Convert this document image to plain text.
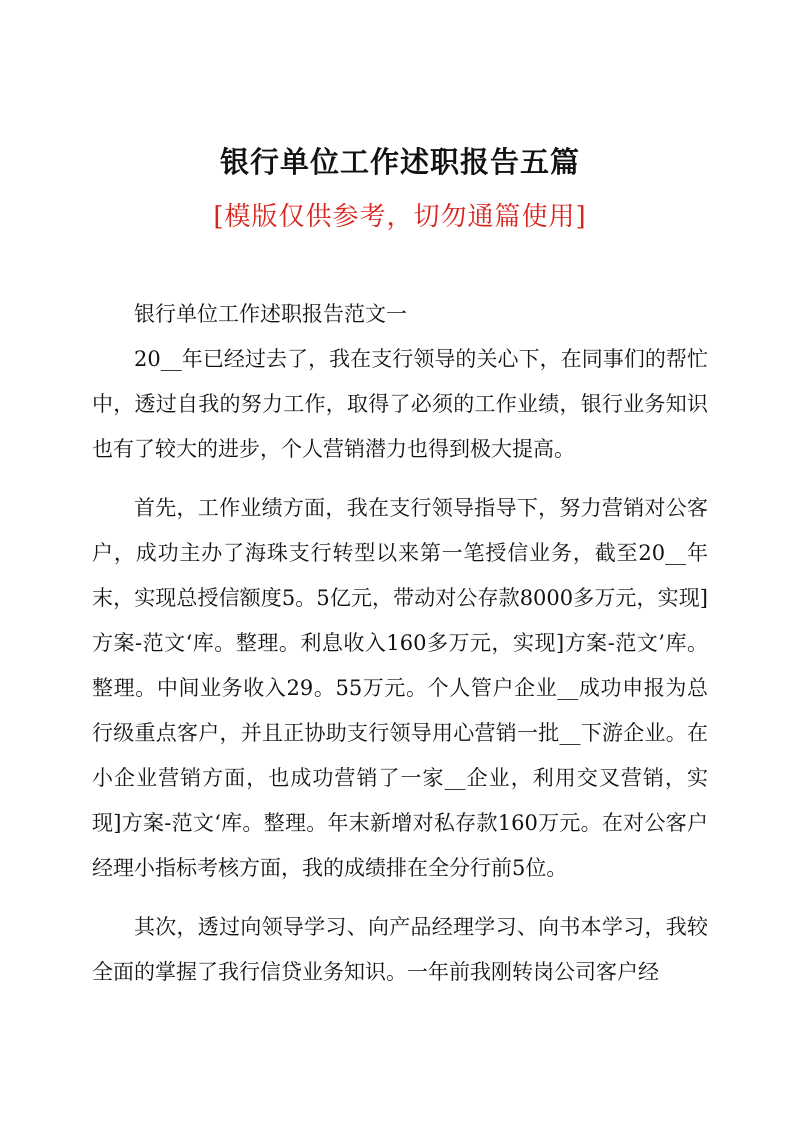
银行单位工作述职报告五篇
[模版仅供参考，切勿通篇使用]

银行单位工作述职报告范文一

20__年已经过去了，我在支行领导的关心下，在同事们的帮忙中，透过自我的努力工作，取得了必须的工作业绩，银行业务知识也有了较大的进步，个人营销潜力也得到极大提高。

首先，工作业绩方面，我在支行领导指导下，努力营销对公客户，成功主办了海珠支行转型以来第一笔授信业务，截至20__年末，实现总授信额度5。5亿元，带动对公存款8000多万元，实现]方案-范文‘库。整理。利息收入160多万元，实现]方案-范文’库。整理。中间业务收入29。55万元。个人管户企业__成功申报为总行级重点客户，并且正协助支行领导用心营销一批__下游企业。在小企业营销方面，也成功营销了一家__企业，利用交叉营销，实现]方案-范文‘库。整理。年末新增对私存款160万元。在对公客户经理小指标考核方面，我的成绩排在全分行前5位。

其次，透过向领导学习、向产品经理学习、向书本学习，我较全面的掌握了我行信贷业务知识。一年前我刚转岗公司客户经
